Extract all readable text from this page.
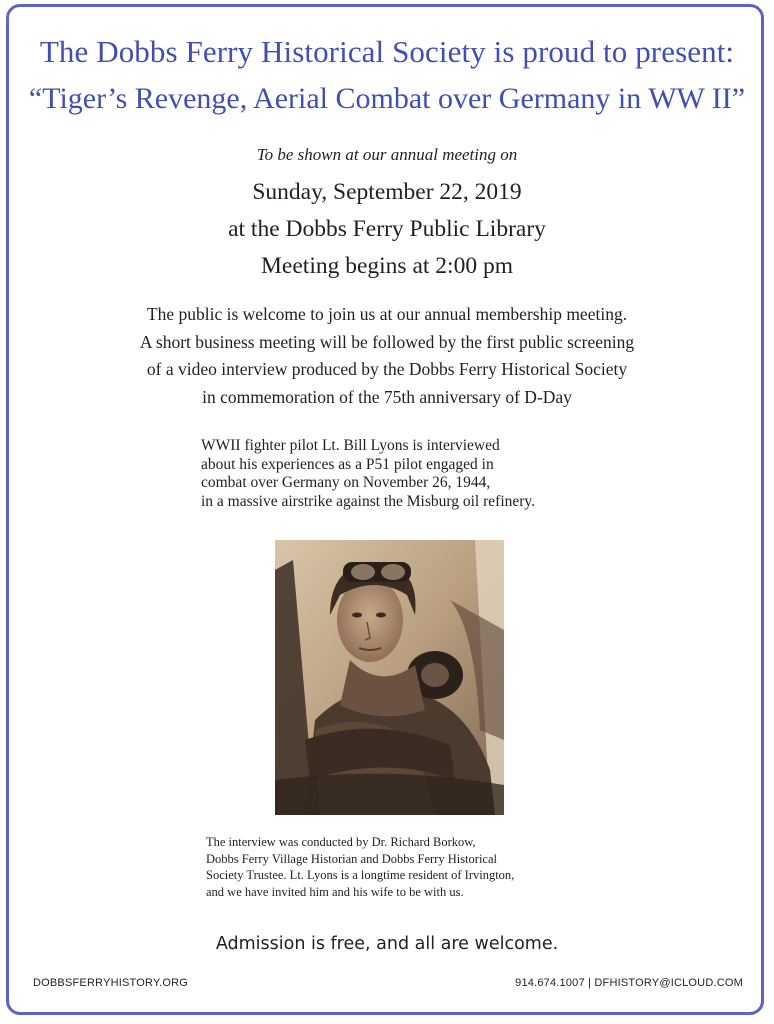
The Dobbs Ferry Historical Society is proud to present:
“Tiger’s Revenge, Aerial Combat over Germany in WW II”
To be shown at our annual meeting on
Sunday, September 22, 2019
at the Dobbs Ferry Public Library
Meeting begins at 2:00 pm
The public is welcome to join us at our annual membership meeting.
A short business meeting will be followed by the first public screening
of a video interview produced by the Dobbs Ferry Historical Society
in commemoration of the 75th anniversary of D-Day
WWII fighter pilot Lt. Bill Lyons is interviewed
about his experiences as a P51 pilot engaged in
combat over Germany on November 26, 1944,
in a massive airstrike against the Misburg oil refinery.
The interview was conducted by Dr. Richard Borkow,
Dobbs Ferry Village Historian and Dobbs Ferry Historical
Society Trustee. Lt. Lyons is a longtime resident of Irvington,
and we have invited him and his wife to be with us.
Admission is free, and all are welcome.
DOBBSFERRYHISTORY.ORG	914.674.1007 | DFHISTORY@ICLOUD.COM
